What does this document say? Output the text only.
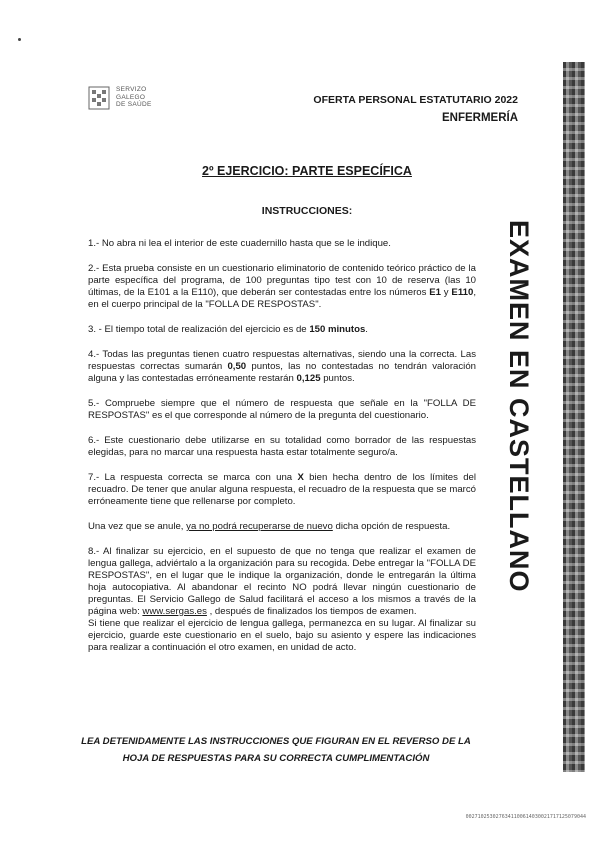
SERVIZO
GALEGO
DE SAÚDE	OFERTA PERSONAL ESTATUTARIO 2022
ENFERMERÍA
2º EJERCICIO: PARTE ESPECÍFICA
INSTRUCCIONES:

1.- No abra ni lea el interior de este cuadernillo hasta que se le indique.

2.- Esta prueba consiste en un cuestionario eliminatorio de contenido teórico práctico de la parte específica del programa, de 100 preguntas tipo test con 10 de reserva (las 10 últimas, de la E101 a la E110), que deberán ser contestadas entre los números E1 y E110, en el cuerpo principal de la "FOLLA DE RESPOSTAS".

3. - El tiempo total de realización del ejercicio es de 150 minutos.

4.- Todas las preguntas tienen cuatro respuestas alternativas, siendo una la correcta. Las respuestas correctas sumarán 0,50 puntos, las no contestadas no tendrán valoración alguna y las contestadas erróneamente restarán 0,125 puntos.

5.- Compruebe siempre que el número de respuesta que señale en la "FOLLA DE RESPOSTAS" es el que corresponde al número de la pregunta del cuestionario.

6.- Este cuestionario debe utilizarse en su totalidad como borrador de las respuestas elegidas, para no marcar una respuesta hasta estar totalmente seguro/a.

7.- La respuesta correcta se marca con una X bien hecha dentro de los límites del recuadro. De tener que anular alguna respuesta, el recuadro de la respuesta que se marcó erróneamente tiene que rellenarse por completo.

Una vez que se anule, ya no podrá recuperarse de nuevo dicha opción de respuesta.

8.- Al finalizar su ejercicio, en el supuesto de que no tenga que realizar el examen de lengua gallega, adviértalo a la organización para su recogida. Debe entregar la "FOLLA DE RESPOSTAS", en el lugar que le indique la organización, donde le entregarán la última hoja autocopiativa. Al abandonar el recinto NO podrá llevar ningún cuestionario de preguntas. El Servicio Gallego de Salud facilitará el acceso a los mismos a través de la página web: www.sergas.es , después de finalizados los tiempos de examen.

Si tiene que realizar el ejercicio de lengua gallega, permanezca en su lugar. Al finalizar su ejercicio, guarde este cuestionario en el suelo, bajo su asiento y espere las indicaciones para realizar a continuación el otro examen, en unidad de acto.

LEA DETENIDAMENTE LAS INSTRUCCIONES QUE FIGURAN EN EL REVERSO DE LA
HOJA DE RESPUESTAS PARA SU CORRECTA CUMPLIMENTACIÓN
EXAMEN EN CASTELLANO
0027102530276341100614030021717125079044
